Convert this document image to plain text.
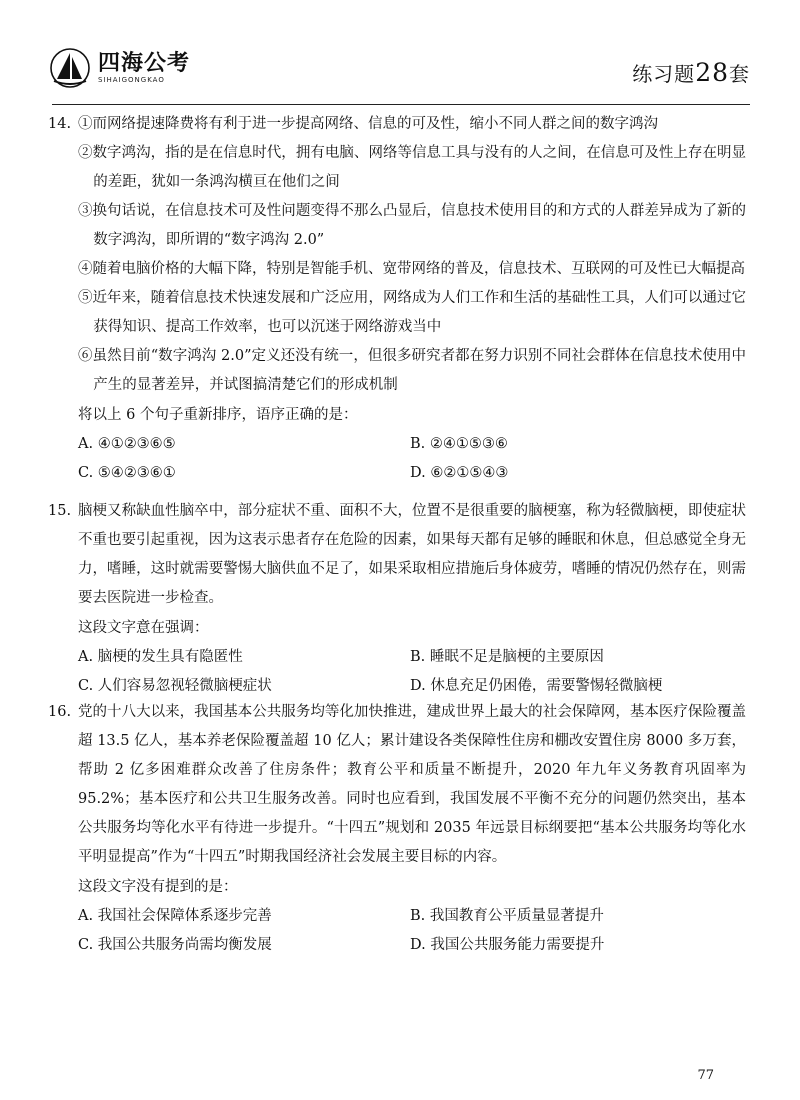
四海公考
SIHAIGONGKAO	练习题28套
14. ①而网络提速降费将有利于进一步提高网络、信息的可及性，缩小不同人群之间的数字鸿沟
②数字鸿沟，指的是在信息时代，拥有电脑、网络等信息工具与没有的人之间，在信息可及性上存在明显的差距，犹如一条鸿沟横亘在他们之间
③换句话说，在信息技术可及性问题变得不那么凸显后，信息技术使用目的和方式的人群差异成为了新的数字鸿沟，即所谓的“数字鸿沟 2.0”
④随着电脑价格的大幅下降，特别是智能手机、宽带网络的普及，信息技术、互联网的可及性已大幅提高
⑤近年来，随着信息技术快速发展和广泛应用，网络成为人们工作和生活的基础性工具，人们可以通过它获得知识、提高工作效率，也可以沉迷于网络游戏当中
⑥虽然目前“数字鸿沟 2.0”定义还没有统一，但很多研究者都在努力识别不同社会群体在信息技术使用中产生的显著差异，并试图搞清楚它们的形成机制
将以上 6 个句子重新排序，语序正确的是：
A. ④①②③⑥⑤	B. ②④①⑤③⑥
C. ⑤④②③⑥①	D. ⑥②①⑤④③
15. 脑梗又称缺血性脑卒中，部分症状不重、面积不大，位置不是很重要的脑梗塞，称为轻微脑梗，即使症状不重也要引起重视，因为这表示患者存在危险的因素，如果每天都有足够的睡眠和休息，但总感觉全身无力，嗜睡，这时就需要警惕大脑供血不足了，如果采取相应措施后身体疲劳，嗜睡的情况仍然存在，则需要去医院进一步检查。
这段文字意在强调：
A. 脑梗的发生具有隐匿性	B. 睡眠不足是脑梗的主要原因
C. 人们容易忽视轻微脑梗症状	D. 休息充足仍困倦，需要警惕轻微脑梗
16. 党的十八大以来，我国基本公共服务均等化加快推进，建成世界上最大的社会保障网，基本医疗保险覆盖超 13.5 亿人，基本养老保险覆盖超 10 亿人；累计建设各类保障性住房和棚改安置住房 8000 多万套，帮助 2 亿多困难群众改善了住房条件；教育公平和质量不断提升，2020 年九年义务教育巩固率为 95.2%；基本医疗和公共卫生服务改善。同时也应看到，我国发展不平衡不充分的问题仍然突出，基本公共服务均等化水平有待进一步提升。“十四五”规划和 2035 年远景目标纲要把“基本公共服务均等化水平明显提高”作为“十四五”时期我国经济社会发展主要目标的内容。
这段文字没有提到的是：
A. 我国社会保障体系逐步完善	B. 我国教育公平质量显著提升
C. 我国公共服务尚需均衡发展	D. 我国公共服务能力需要提升
77
